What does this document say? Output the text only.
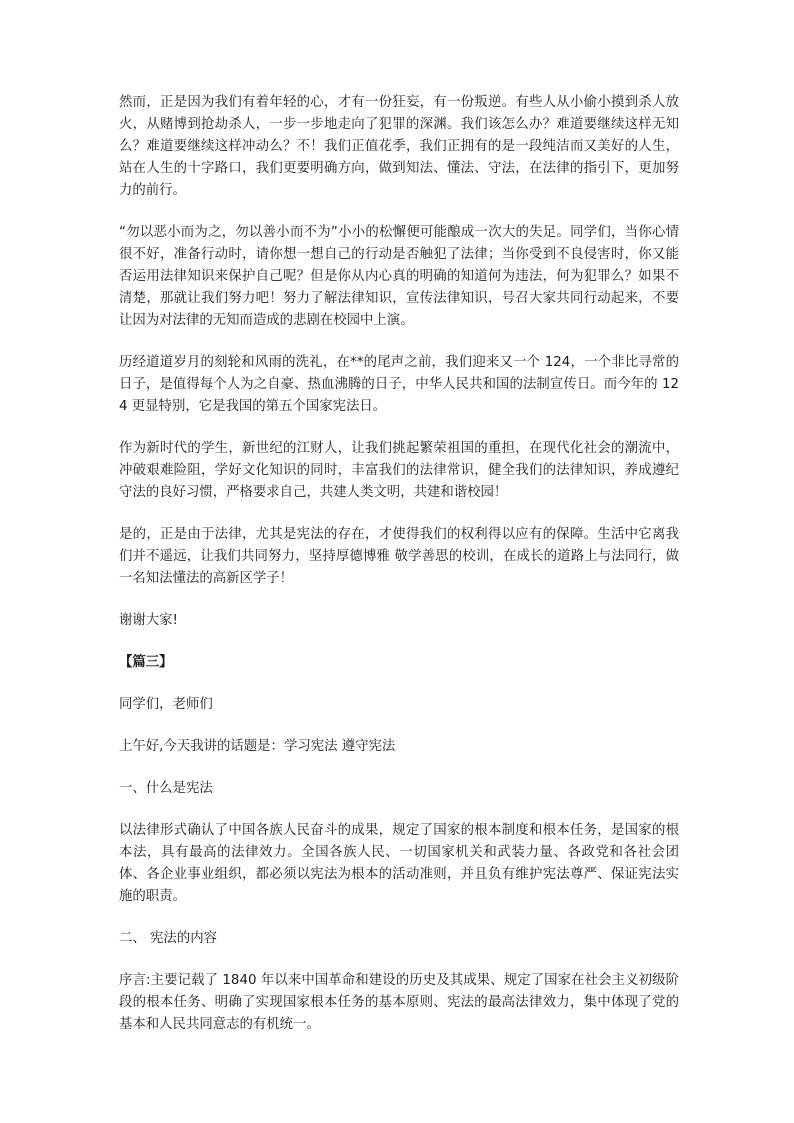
然而，正是因为我们有着年轻的心，才有一份狂妄，有一份叛逆。有些人从小偷小摸到杀人放火，从赌博到抢劫杀人，一步一步地走向了犯罪的深渊。我们该怎么办？难道要继续这样无知么？难道要继续这样冲动么？不！我们正值花季，我们正拥有的是一段纯洁而又美好的人生，站在人生的十字路口，我们更要明确方向，做到知法、懂法、守法，在法律的指引下，更加努力的前行。

“勿以恶小而为之，勿以善小而不为”小小的松懈便可能酿成一次大的失足。同学们，当你心情很不好，准备行动时，请你想一想自己的行动是否触犯了法律；当你受到不良侵害时，你又能否运用法律知识来保护自己呢？但是你从内心真的明确的知道何为违法，何为犯罪么？如果不清楚，那就让我们努力吧！努力了解法律知识，宣传法律知识，号召大家共同行动起来，不要让因为对法律的无知而造成的悲剧在校园中上演。

历经道道岁月的刻轮和风雨的洗礼，在**的尾声之前，我们迎来又一个 124，一个非比寻常的日子，是值得每个人为之自豪、热血沸腾的日子，中华人民共和国的法制宣传日。而今年的 124 更显特别，它是我国的第五个国家宪法日。

作为新时代的学生，新世纪的江财人，让我们挑起繁荣祖国的重担，在现代化社会的潮流中，冲破艰难险阻，学好文化知识的同时，丰富我们的法律常识，健全我们的法律知识，养成遵纪守法的良好习惯，严格要求自己，共建人类文明，共建和谐校园！

是的，正是由于法律，尤其是宪法的存在，才使得我们的权利得以应有的保障。生活中它离我们并不遥远，让我们共同努力，坚持厚德博雅 敬学善思的校训，在成长的道路上与法同行，做一名知法懂法的高新区学子！

谢谢大家!

【篇三】

同学们，老师们

上午好,今天我讲的话题是：学习宪法 遵守宪法

一、什么是宪法

以法律形式确认了中国各族人民奋斗的成果，规定了国家的根本制度和根本任务，是国家的根本法，具有最高的法律效力。全国各族人民、一切国家机关和武装力量、各政党和各社会团体、各企业事业组织，都必须以宪法为根本的活动准则，并且负有维护宪法尊严、保证宪法实施的职责。

二、 宪法的内容

序言:主要记载了 1840 年以来中国革命和建设的历史及其成果、规定了国家在社会主义初级阶段的根本任务、明确了实现国家根本任务的基本原则、宪法的最高法律效力，集中体现了党的基本和人民共同意志的有机统一。
